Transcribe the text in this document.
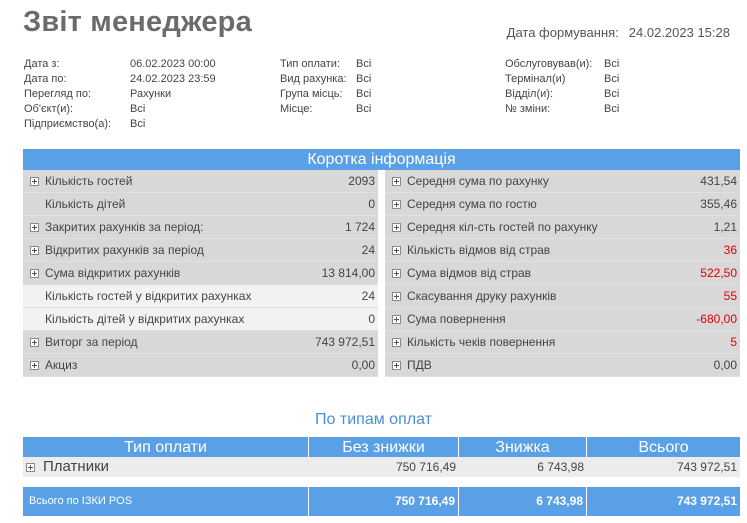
Звіт менеджера	Дата формування: 24.02.2023 15:28
Дата з:	06.02.2023 00:00
Дата по:	24.02.2023 23:59
Перегляд по:	Рахунки
Об'єкт(и):	Всі
Підприємство(а):	Всі
Тип оплати:	Всі
Вид рахунка: Всі
Група місць:	Всі
Місце:	Всі
Обслуговував(и):	Всі
Термінал(и)	Всі
Відділ(и):	Всі
№ зміни:	Всі
Коротка інформація
Кількість гостей	2093
Кількість дітей	0
Закритих рахунків за період:	1 724
Відкритих рахунків за період	24
Сума відкритих рахунків	13 814,00
Кількість гостей у відкритих рахунках	24
Кількість дітей у відкритих рахунках	0
Виторг за період	743 972,51
Акциз	0,00
Середня сума по рахунку	431,54
Середня сума по гостю	355,46
Середня кіл-сть гостей по рахунку	1,21
Кількість відмов від страв	36
Сума відмов від страв	522,50
Скасування друку рахунків	55
Сума повернення	-680,00
Кількість чеків повернення	5
ПДВ	0,00
По типам оплат
Тип оплати	Без знижки	Знижка	Всього
Платники	750 716,49	6 743,98	743 972,51
Всього по ІЗКИ POS	750 716,49	6 743,98	743 972,51
